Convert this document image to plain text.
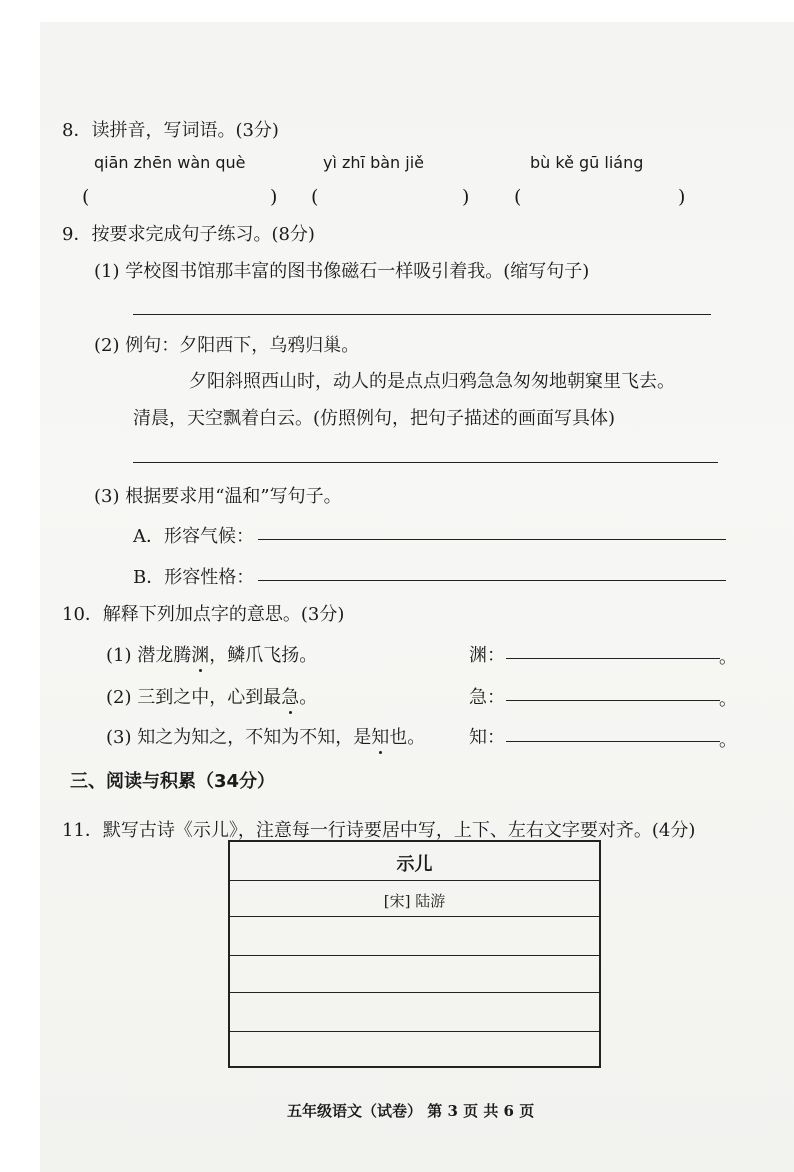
8．读拼音，写词语。(3分)
qiān zhēn wàn què	yì zhī bàn jiě	bù kě gū liáng
(	) (	) (	)
9．按要求完成句子练习。(8分)
(1) 学校图书馆那丰富的图书像磁石一样吸引着我。(缩写句子)
(2) 例句：夕阳西下，乌鸦归巢。
夕阳斜照西山时，动人的是点点归鸦急急匆匆地朝窠里飞去。
清晨，天空飘着白云。(仿照例句，把句子描述的画面写具体)
(3) 根据要求用“温和”写句子。
A．形容气候：
B．形容性格：
10．解释下列加点字的意思。(3分)
(1) 潜龙腾渊，鳞爪飞扬。	渊：	。
(2) 三到之中，心到最急。	急：	。
(3) 知之为知之，不知为不知，是知也。 知：	。
三、阅读与积累（34分）
11．默写古诗《示儿》，注意每一行诗要居中写，上下、左右文字要对齐。(4分)
示儿
[宋] 陆游
五年级语文（试卷） 第 3 页 共 6 页
